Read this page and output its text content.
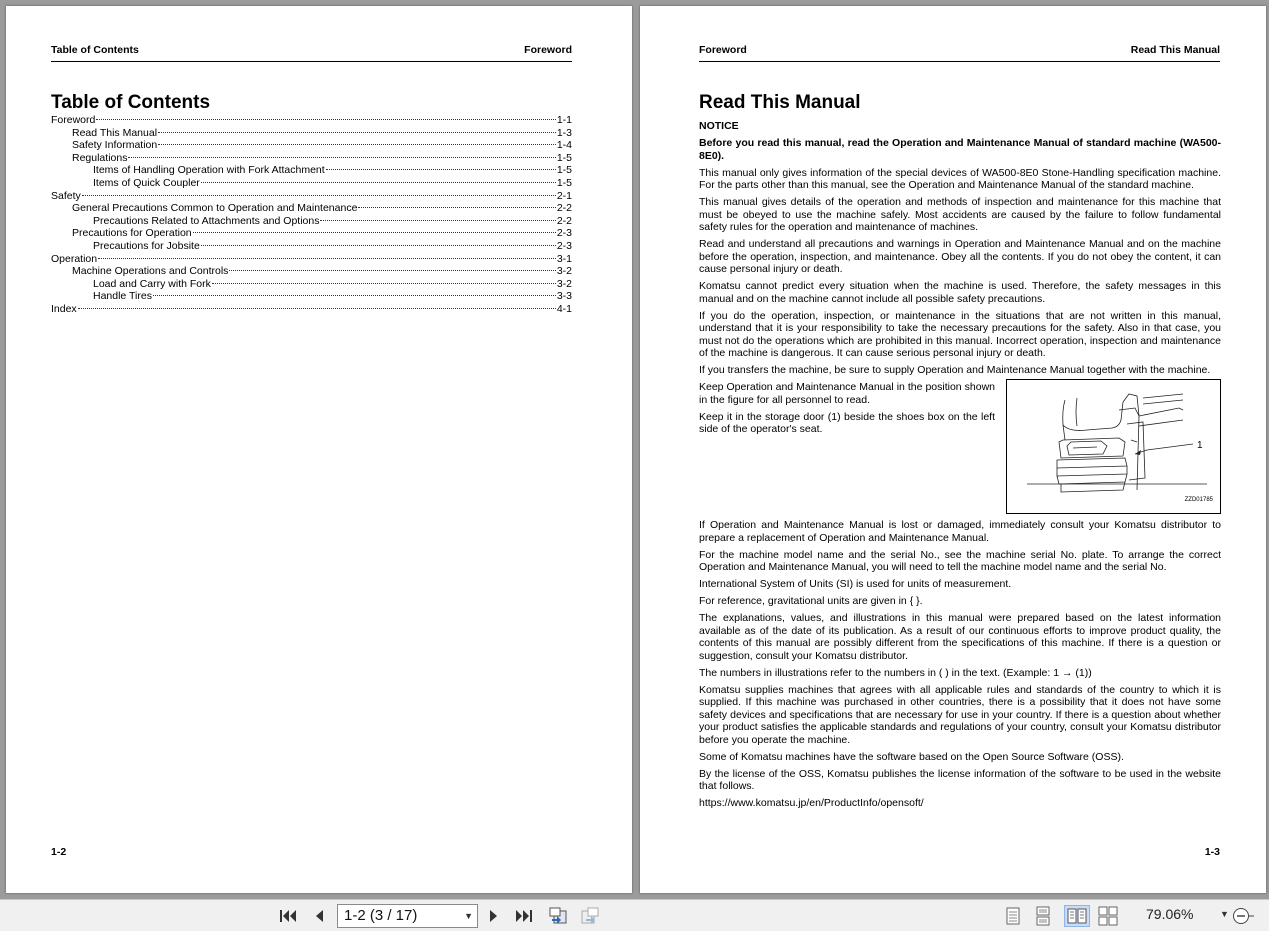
Table of Contents	Foreword
Table of Contents
Foreword	1-1
Read This Manual	1-3
Safety Information	1-4
Regulations	1-5
Items of Handling Operation with Fork Attachment	1-5
Items of Quick Coupler	1-5
Safety	2-1
General Precautions Common to Operation and Maintenance	2-2
Precautions Related to Attachments and Options	2-2
Precautions for Operation	2-3
Precautions for Jobsite	2-3
Operation	3-1
Machine Operations and Controls	3-2
Load and Carry with Fork	3-2
Handle Tires	3-3
Index	4-1
1-2
Foreword	Read This Manual
Read This Manual

NOTICE

Before you read this manual, read the Operation and Maintenance Manual of standard machine (WA500-8E0).

This manual only gives information of the special devices of WA500-8E0 Stone-Handling specification machine. For the parts other than this manual, see the Operation and Maintenance Manual of the standard machine.

This manual gives details of the operation and methods of inspection and maintenance for this machine that must be obeyed to use the machine safely. Most accidents are caused by the failure to follow fundamental safety rules for the operation and maintenance of machines.

Read and understand all precautions and warnings in Operation and Maintenance Manual and on the machine before the operation, inspection, and maintenance. Obey all the contents. If you do not obey the content, it can cause personal injury or death.

Komatsu cannot predict every situation when the machine is used. Therefore, the safety messages in this manual and on the machine cannot include all possible safety precautions.

If you do the operation, inspection, or maintenance in the situations that are not written in this manual, understand that it is your responsibility to take the necessary precautions for the safety. Also in that case, you must not do the operations which are prohibited in this manual. Incorrect operation, inspection and maintenance of the machine is dangerous. It can cause serious personal injury or death.

If you transfers the machine, be sure to supply Operation and Maintenance Manual together with the machine.

Keep Operation and Maintenance Manual in the position shown in the figure for all personnel to read.

Keep it in the storage door (1) beside the shoes box on the left side of the operator's seat.

1
ZZD01785

If Operation and Maintenance Manual is lost or damaged, immediately consult your Komatsu distributor to prepare a replacement of Operation and Maintenance Manual.

For the machine model name and the serial No., see the machine serial No. plate. To arrange the correct Operation and Maintenance Manual, you will need to tell the machine model name and the serial No.

International System of Units (SI) is used for units of measurement.

For reference, gravitational units are given in { }.

The explanations, values, and illustrations in this manual were prepared based on the latest information available as of the date of its publication. As a result of our continuous efforts to improve product quality, the contents of this manual are possibly different from the specifications of this machine. If there is a question or suggestion, consult your Komatsu distributor.

The numbers in illustrations refer to the numbers in ( ) in the text. (Example: 1 → (1))

Komatsu supplies machines that agrees with all applicable rules and standards of the country to which it is supplied. If this machine was purchased in other countries, there is a possibility that it does not have some safety devices and specifications that are necessary for use in your country. If there is a question about whether your product satisfies the applicable standards and regulations of your country, consult your Komatsu distributor before you operate the machine.

Some of Komatsu machines have the software based on the Open Source Software (OSS).

By the license of the OSS, Komatsu publishes the license information of the software to be used in the website that follows.

https://www.komatsu.jp/en/ProductInfo/opensoft/

1-3
1-2 (3 / 17)	▼	79.06%	▼
